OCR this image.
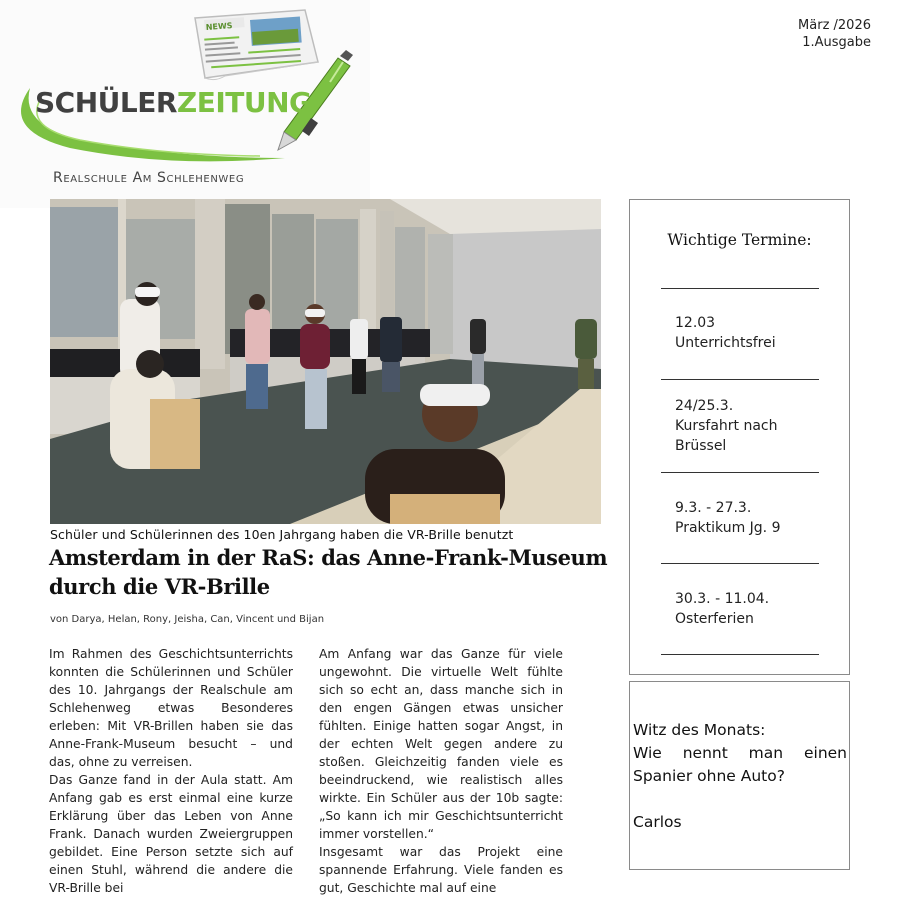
NEWS
SCHÜLERZEITUNG
Realschule Am Schlehenweg
März /2026
1.Ausgabe
Schüler und Schülerinnen des 10en Jahrgang haben die VR-Brille benutzt
Amsterdam in der RaS: das Anne-Frank-Museum durch die VR-Brille
von Darya, Helan, Rony, Jeisha, Can, Vincent und Bijan

Im Rahmen des Geschichtsunterrichts konnten die Schülerinnen und Schüler des 10. Jahrgangs der Realschule am Schlehenweg etwas Besonderes erleben: Mit VR-Brillen haben sie das Anne-Frank-Museum besucht – und das, ohne zu verreisen.

Das Ganze fand in der Aula statt. Am Anfang gab es erst einmal eine kurze Erklärung über das Leben von Anne Frank. Danach wurden Zweiergruppen gebildet. Eine Person setzte sich auf einen Stuhl, während die andere die VR-Brille bei

Am Anfang war das Ganze für viele ungewohnt. Die virtuelle Welt fühlte sich so echt an, dass manche sich in den engen Gängen etwas unsicher fühlten. Einige hatten sogar Angst, in der echten Welt gegen andere zu stoßen. Gleichzeitig fanden viele es beeindruckend, wie realistisch alles wirkte. Ein Schüler aus der 10b sagte: „So kann ich mir Geschichtsunterricht immer vorstellen.“

Insgesamt war das Projekt eine spannende Erfahrung. Viele fanden es gut, Geschichte mal auf eine

Wichtige Termine:
12.03
Unterrichtsfrei
24/25.3.
Kursfahrt nach Brüssel
9.3. - 27.3.
Praktikum Jg. 9
30.3. - 11.04.
Osterferien
Witz des Monats:
Wie nennt man einen Spanier ohne Auto?
Carlos
